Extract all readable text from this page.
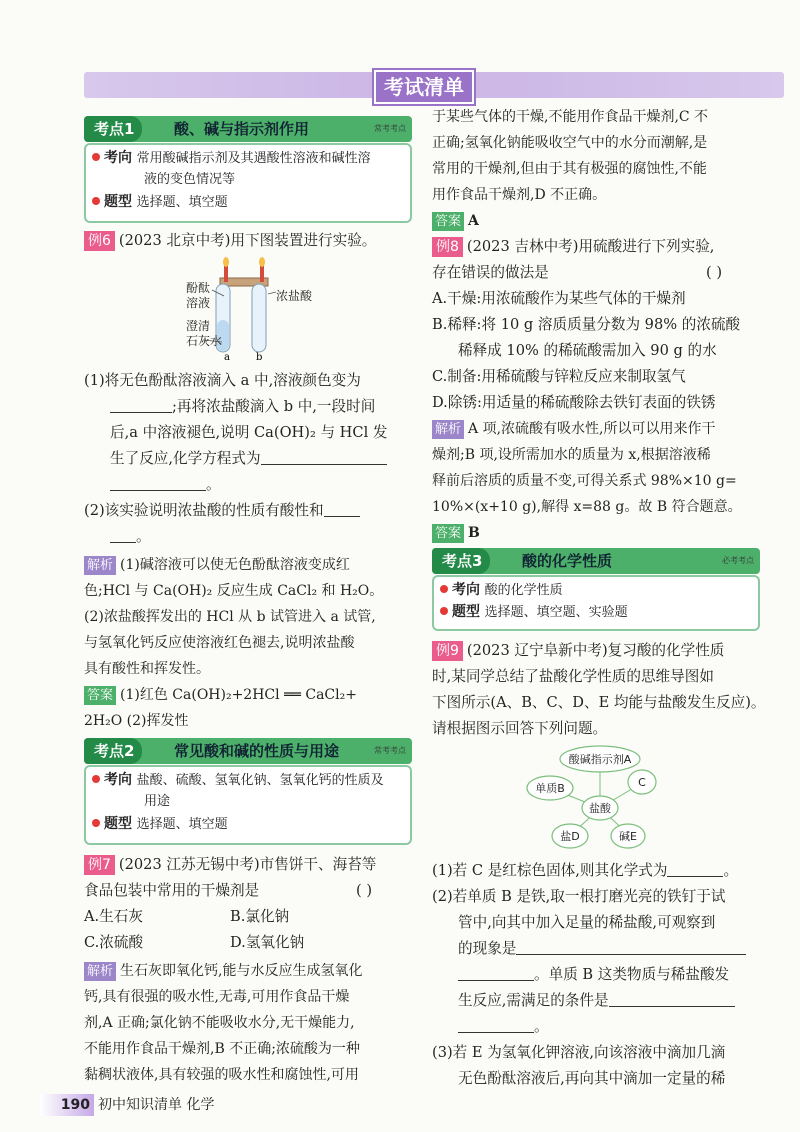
考试清单
考点1	酸、碱与指示剂作用	常考考点
考向 常用酸碱指示剂及其遇酸性溶液和碱性溶
液的变色情况等
题型 选择题、填空题
例6 (2023 北京中考)用下图装置进行实验。
a	b
酚酞
溶液	浓盐酸
澄清
石灰水
(1)将无色酚酞溶液滴入 a 中,溶液颜色变为
;再将浓盐酸滴入 b 中,一段时间
后,a 中溶液褪色,说明 Ca(OH)₂ 与 HCl 发
生了反应,化学方程式为
。
(2)该实验说明浓盐酸的性质有酸性和
。
解析 (1)碱溶液可以使无色酚酞溶液变成红
色;HCl 与 Ca(OH)₂ 反应生成 CaCl₂ 和 H₂O。
(2)浓盐酸挥发出的 HCl 从 b 试管进入 a 试管,
与氢氧化钙反应使溶液红色褪去,说明浓盐酸
具有酸性和挥发性。
答案 (1)红色 Ca(OH)₂+2HCl ══ CaCl₂+
2H₂O (2)挥发性
考点2	常见酸和碱的性质与用途	常考考点
考向 盐酸、硫酸、氢氧化钠、氢氧化钙的性质及
用途
题型 选择题、填空题
例7 (2023 江苏无锡中考)市售饼干、海苔等
食品包装中常用的干燥剂是	( )
A.生石灰	B.氯化钠
C.浓硫酸	D.氢氧化钠
解析 生石灰即氧化钙,能与水反应生成氢氧化
钙,具有很强的吸水性,无毒,可用作食品干燥
剂,A 正确;氯化钠不能吸收水分,无干燥能力,
不能用作食品干燥剂,B 不正确;浓硫酸为一种
黏稠状液体,具有较强的吸水性和腐蚀性,可用
于某些气体的干燥,不能用作食品干燥剂,C 不
正确;氢氧化钠能吸收空气中的水分而潮解,是
常用的干燥剂,但由于其有极强的腐蚀性,不能
用作食品干燥剂,D 不正确。
答案 A
例8 (2023 吉林中考)用硫酸进行下列实验,
存在错误的做法是	( )
A.干燥:用浓硫酸作为某些气体的干燥剂
B.稀释:将 10 g 溶质质量分数为 98% 的浓硫酸
稀释成 10% 的稀硫酸需加入 90 g 的水
C.制备:用稀硫酸与锌粒反应来制取氢气
D.除锈:用适量的稀硫酸除去铁钉表面的铁锈
解析 A 项,浓硫酸有吸水性,所以可以用来作干
燥剂;B 项,设所需加水的质量为 x,根据溶液稀
释前后溶质的质量不变,可得关系式 98%×10 g=
10%×(x+10 g),解得 x=88 g。故 B 符合题意。
答案 B
考点3	酸的化学性质	必考考点
考向 酸的化学性质
题型 选择题、填空题、实验题
例9 (2023 辽宁阜新中考)复习酸的化学性质
时,某同学总结了盐酸化学性质的思维导图如
下图所示(A、B、C、D、E 均能与盐酸发生反应)。
请根据图示回答下列问题。
酸碱指示剂A
单质B	C
盐酸
盐D	碱E
(1)若 C 是红棕色固体,则其化学式为	。
(2)若单质 B 是铁,取一根打磨光亮的铁钉于试
管中,向其中加入足量的稀盐酸,可观察到
的现象是
。单质 B 这类物质与稀盐酸发
生反应,需满足的条件是
。
(3)若 E 为氢氧化钾溶液,向该溶液中滴加几滴
无色酚酞溶液后,再向其中滴加一定量的稀
190 初中知识清单 化学
